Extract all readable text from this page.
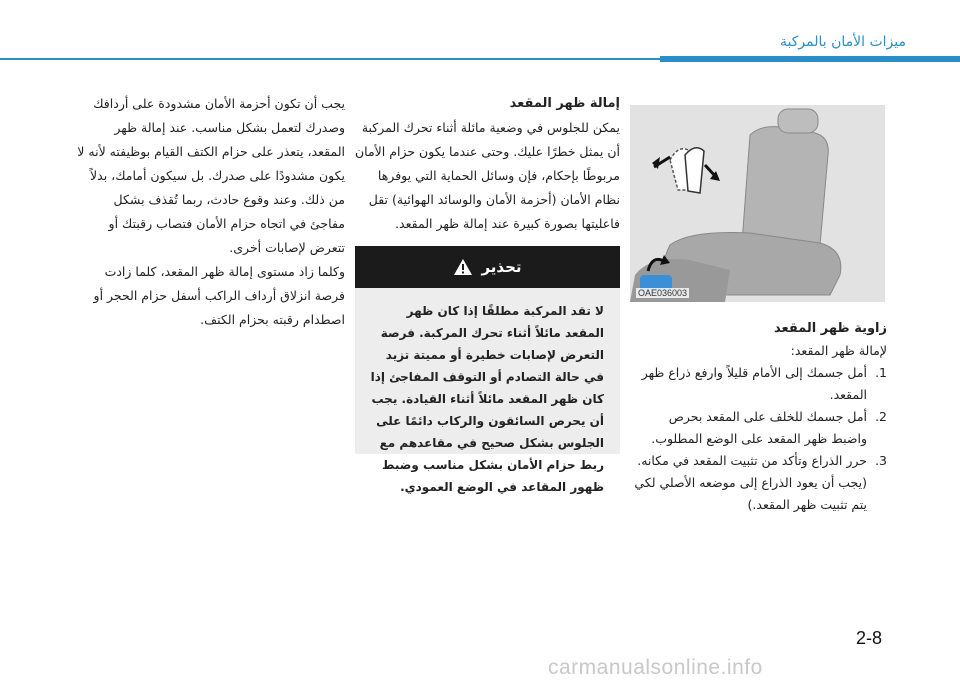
ميزات الأمان بالمركبة

يجب أن تكون أحزمة الأمان مشدودة على أردافك وصدرك لتعمل بشكل مناسب. عند إمالة ظهر المقعد، يتعذر على حزام الكتف القيام بوظيفته لأنه لا يكون مشدودًا على صدرك. بل سيكون أمامك، بدلاً من ذلك. وعند وقوع حادث، ربما تُقذف بشكل مفاجئ في اتجاه حزام الأمان فتصاب رقبتك أو تتعرض لإصابات أخرى.

وكلما زاد مستوى إمالة ظهر المقعد، كلما زادت فرصة انزلاق أرداف الراكب أسفل حزام الحجر أو اصطدام رقبته بحزام الكتف.

إمالة ظهر المقعد

يمكن للجلوس في وضعية مائلة أثناء تحرك المركبة أن يمثل خطرًا عليك. وحتى عندما يكون حزام الأمان مربوطًا بإحكام، فإن وسائل الحماية التي يوفرها نظام الأمان (أحزمة الأمان والوسائد الهوائية) تقل فاعليتها بصورة كبيرة عند إمالة ظهر المقعد.

تحذير

لا تقد المركبة مطلقًا إذا كان ظهر المقعد مائلاً أثناء تحرك المركبة. فرصة التعرض لإصابات خطيرة أو مميتة تزيد في حالة التصادم أو التوقف المفاجئ إذا كان ظهر المقعد مائلاً أثناء القيادة. يجب أن يحرص السائقون والركاب دائمًا على الجلوس بشكل صحيح في مقاعدهم مع ربط حزام الأمان بشكل مناسب وضبط ظهور المقاعد في الوضع العمودي.

OAE036003

زاوية ظهر المقعد

لإمالة ظهر المقعد:

1.
أمل جسمك إلى الأمام قليلاً وارفع ذراع ظهر المقعد.
2.
أمل جسمك للخلف على المقعد بحرص واضبط ظهر المقعد على الوضع المطلوب.
3.
حرر الذراع وتأكد من تثبيت المقعد في مكانه. (يجب أن يعود الذراع إلى موضعه الأصلي لكي يتم تثبيت ظهر المقعد.)
2-8
carmanualsonline.info
